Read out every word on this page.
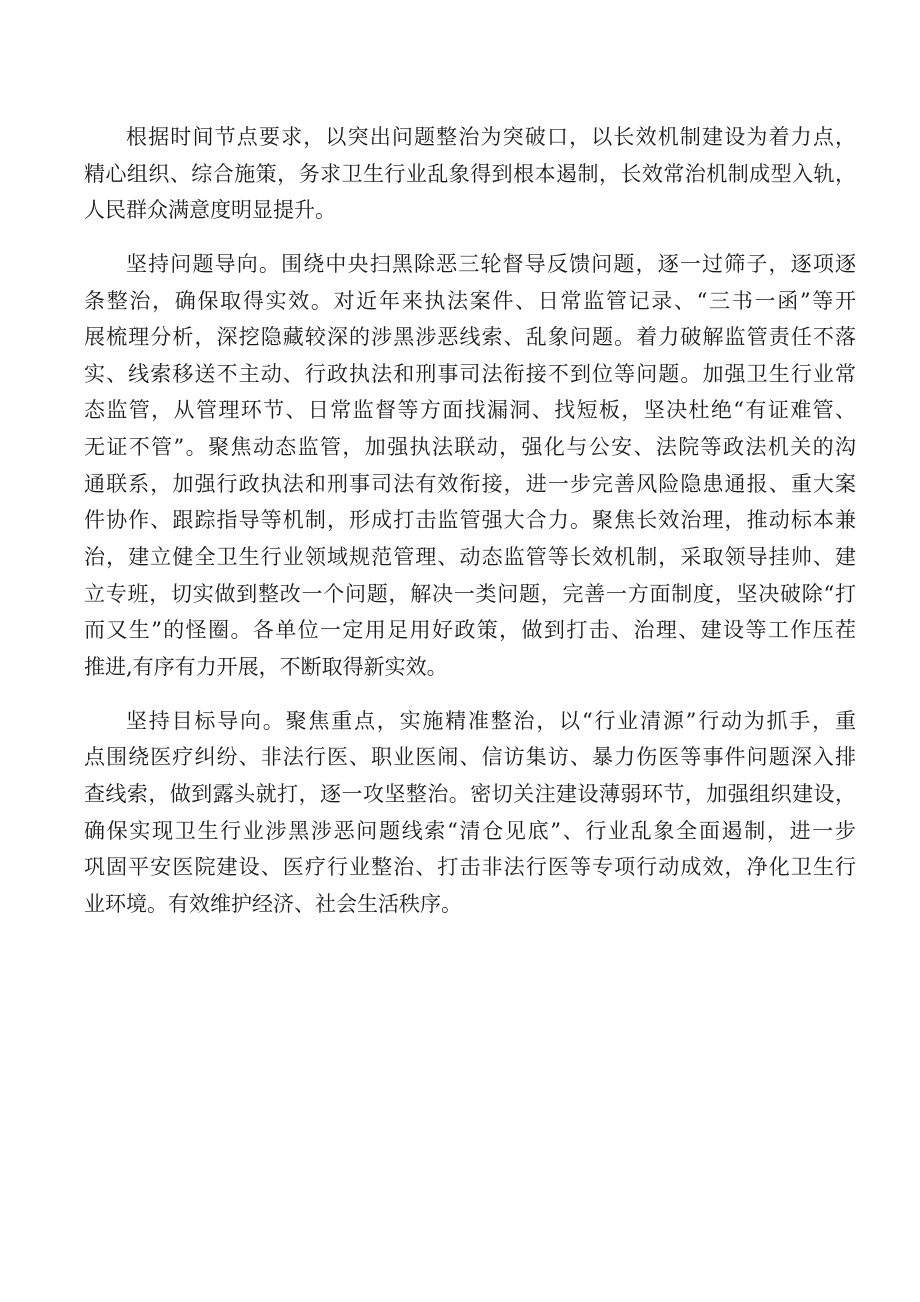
根据时间节点要求，以突出问题整治为突破口，以长效机制建设为着力点，
精心组织、综合施策，务求卫生行业乱象得到根本遏制，长效常治机制成型入轨，
人民群众满意度明显提升。
坚持问题导向。围绕中央扫黑除恶三轮督导反馈问题，逐一过筛子，逐项逐
条整治，确保取得实效。对近年来执法案件、日常监管记录、“三书一函”等开
展梳理分析，深挖隐藏较深的涉黑涉恶线索、乱象问题。着力破解监管责任不落
实、线索移送不主动、行政执法和刑事司法衔接不到位等问题。加强卫生行业常
态监管，从管理环节、日常监督等方面找漏洞、找短板，坚决杜绝“有证难管、
无证不管”。聚焦动态监管，加强执法联动，强化与公安、法院等政法机关的沟
通联系，加强行政执法和刑事司法有效衔接，进一步完善风险隐患通报、重大案
件协作、跟踪指导等机制，形成打击监管强大合力。聚焦长效治理，推动标本兼
治，建立健全卫生行业领域规范管理、动态监管等长效机制，采取领导挂帅、建
立专班，切实做到整改一个问题，解决一类问题，完善一方面制度，坚决破除“打
而又生”的怪圈。各单位一定用足用好政策，做到打击、治理、建设等工作压茬
推进,有序有力开展，不断取得新实效。
坚持目标导向。聚焦重点，实施精准整治，以“行业清源”行动为抓手，重
点围绕医疗纠纷、非法行医、职业医闹、信访集访、暴力伤医等事件问题深入排
查线索，做到露头就打，逐一攻坚整治。密切关注建设薄弱环节，加强组织建设，
确保实现卫生行业涉黑涉恶问题线索“清仓见底”、行业乱象全面遏制，进一步
巩固平安医院建设、医疗行业整治、打击非法行医等专项行动成效，净化卫生行
业环境。有效维护经济、社会生活秩序。
